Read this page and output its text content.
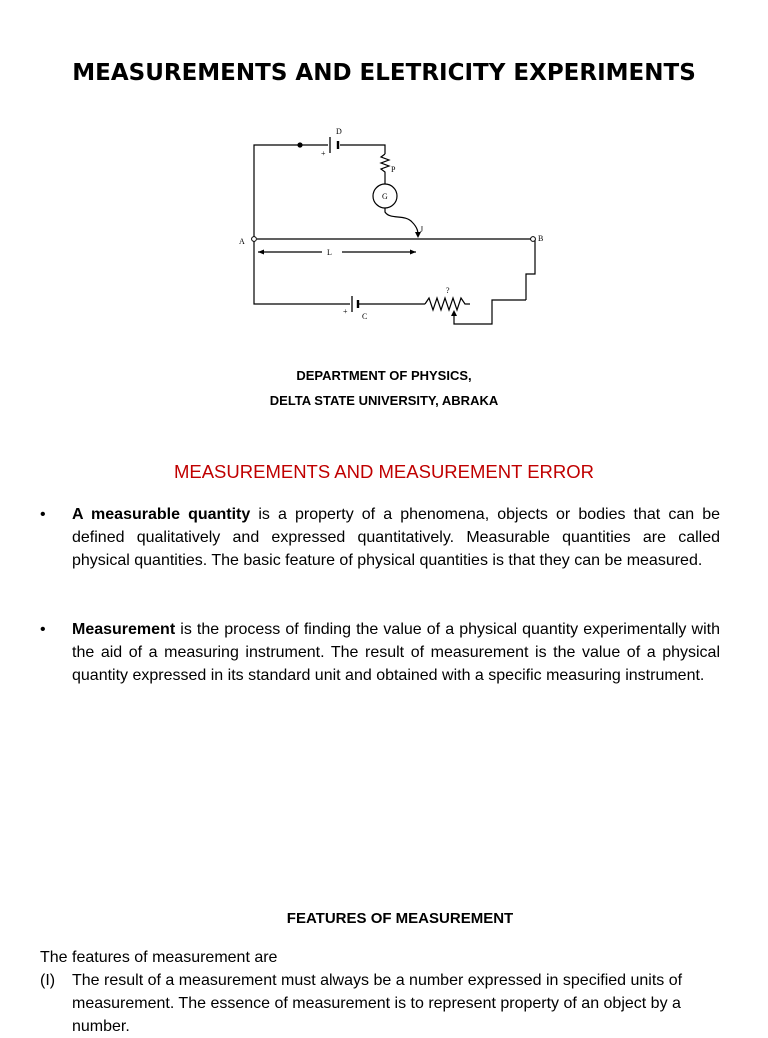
MEASUREMENTS AND ELETRICITY EXPERIMENTS
D
+
P
G
J
A	B
L
?
+
C
DEPARTMENT OF PHYSICS,
DELTA STATE UNIVERSITY, ABRAKA
MEASUREMENTS AND MEASUREMENT ERROR
• A measurable quantity is a property of a phenomena, objects or bodies that can be defined qualitatively and expressed quantitatively. Measurable quantities are called physical quantities. The basic feature of physical quantities is that they can be measured.
• Measurement is the process of finding the value of a physical quantity experimentally with the aid of a measuring instrument. The result of measurement is the value of a physical quantity expressed in its standard unit and obtained with a specific measuring instrument.
FEATURES OF MEASUREMENT
The features of measurement are
(I) The result of a measurement must always be a number expressed in specified units of measurement. The essence of measurement is to represent property of an object by a number.
